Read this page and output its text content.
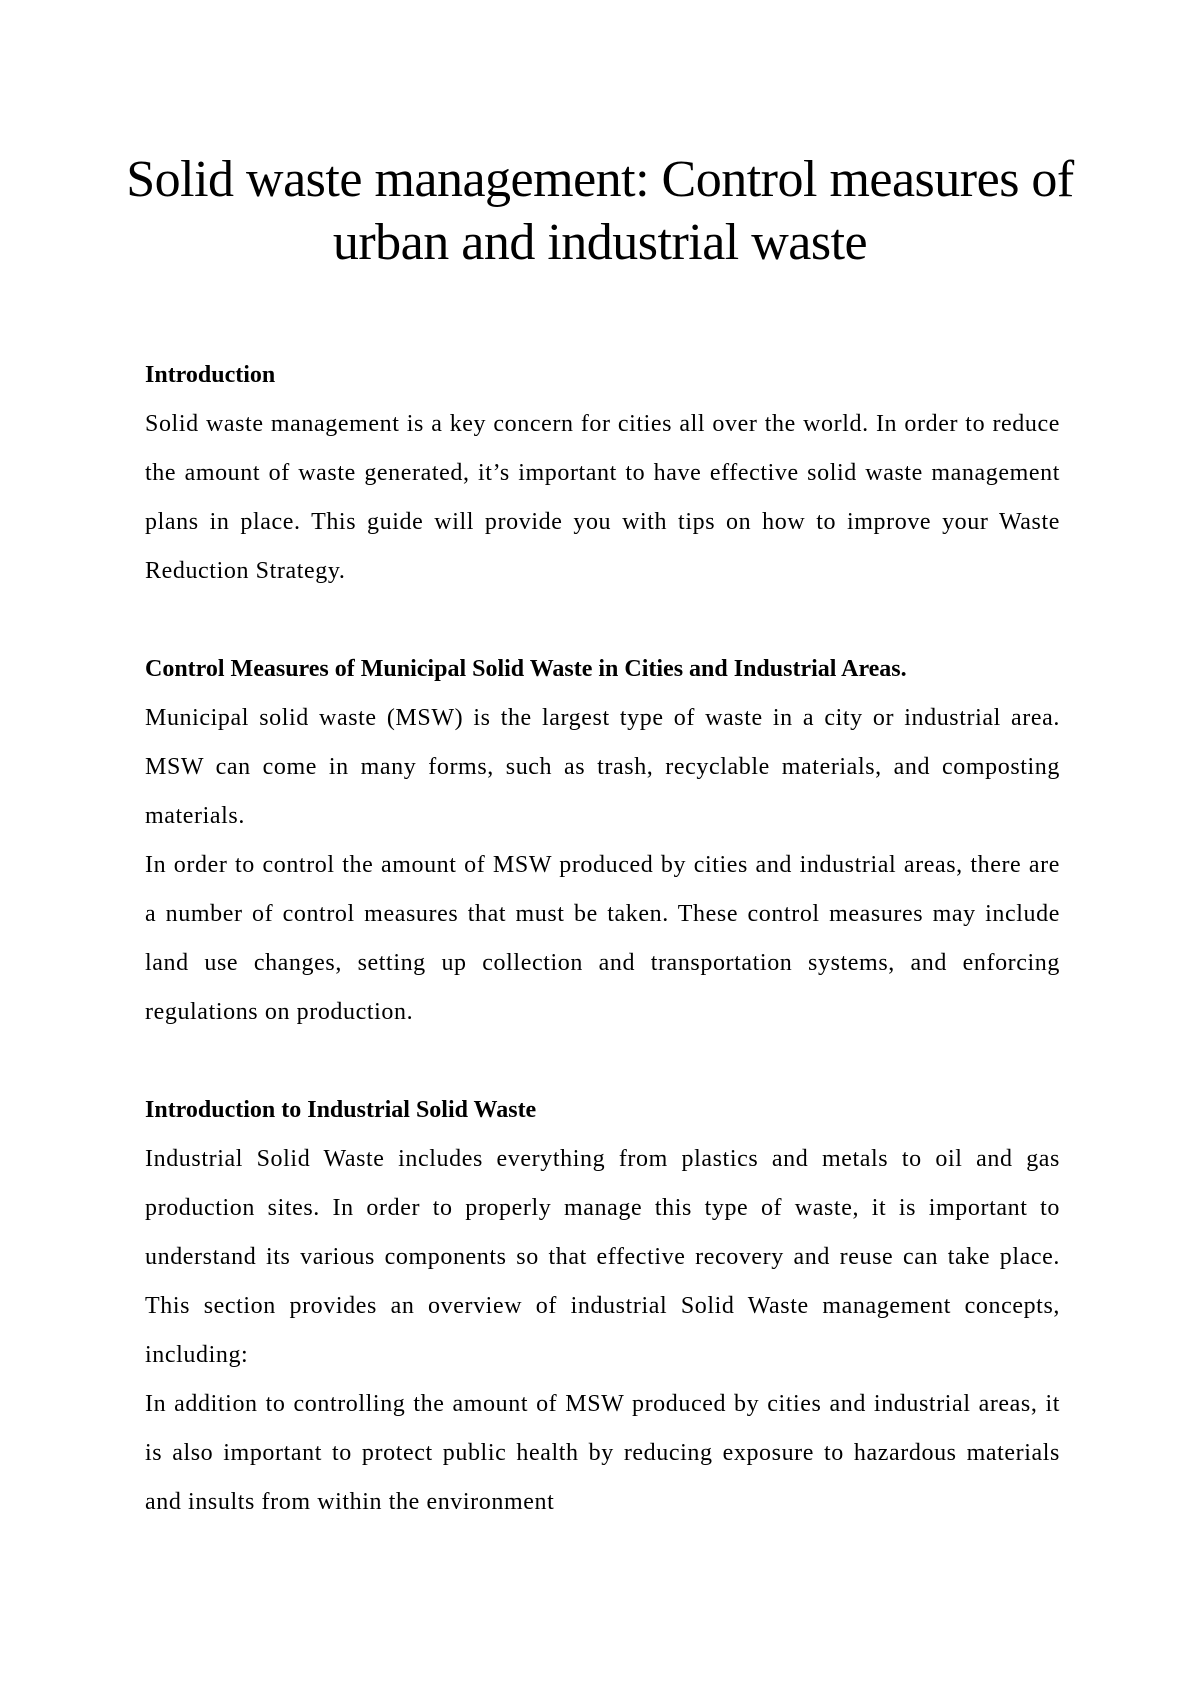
Solid waste management: Control measures of urban and industrial waste
Introduction

Solid waste management is a key concern for cities all over the world. In order to reduce the amount of waste generated, it’s important to have effective solid waste management plans in place. This guide will provide you with tips on how to improve your Waste Reduction Strategy.

Control Measures of Municipal Solid Waste in Cities and Industrial Areas.

Municipal solid waste (MSW) is the largest type of waste in a city or industrial area. MSW can come in many forms, such as trash, recyclable materials, and composting materials.

In order to control the amount of MSW produced by cities and industrial areas, there are a number of control measures that must be taken. These control measures may include land use changes, setting up collection and transportation systems, and enforcing regulations on production.

Introduction to Industrial Solid Waste

Industrial Solid Waste includes everything from plastics and metals to oil and gas production sites. In order to properly manage this type of waste, it is important to understand its various components so that effective recovery and reuse can take place. This section provides an overview of industrial Solid Waste management concepts, including:

In addition to controlling the amount of MSW produced by cities and industrial areas, it is also important to protect public health by reducing exposure to hazardous materials and insults from within the environment
